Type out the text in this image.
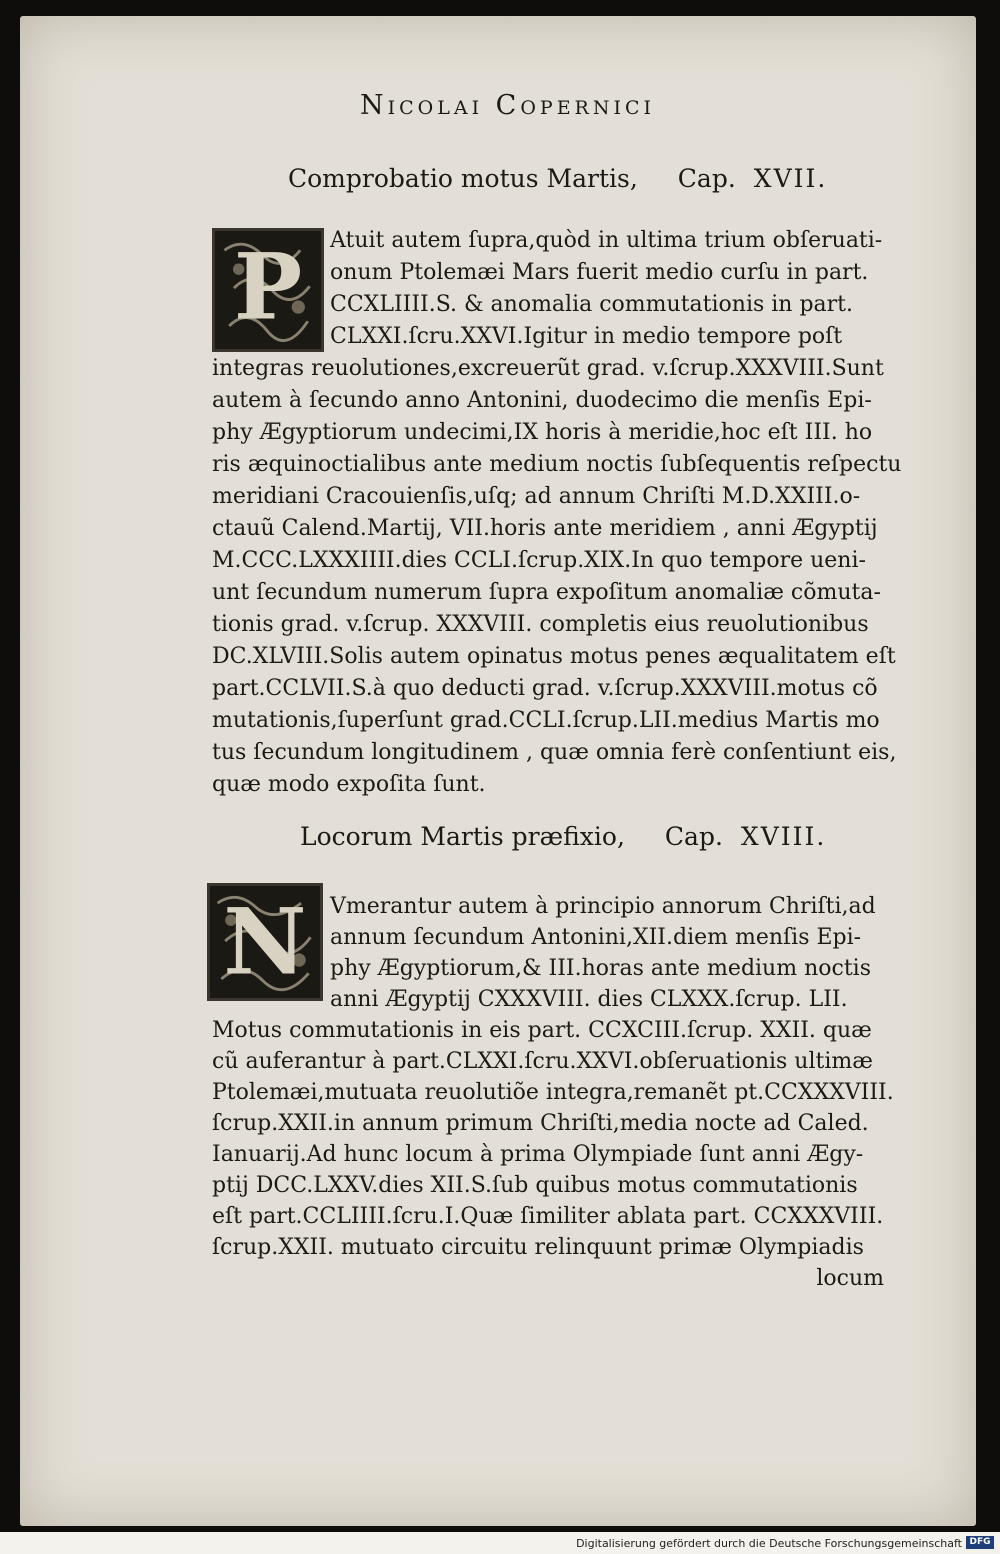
Nicolai Copernici
Comprobatio motus Martis, Cap. XVII.
P Atuit autem ſupra,quòd in ultima trium obſeruati-
onum Ptolemæi Mars fuerit medio curſu in part.
CCXLIIII.S. & anomalia commutationis in part.
CLXXI.ſcru.XXVI.Igitur in medio tempore poſt
integras reuolutiones,excreuerũt grad. v.ſcrup.XXXVIII.Sunt
autem à ſecundo anno Antonini, duodecimo die menſis Epi-
phy Ægyptiorum undecimi,IX horis à meridie,hoc eſt III. ho
ris æquinoctialibus ante medium noctis ſubſequentis reſpectu
meridiani Cracouienſis,uſq; ad annum Chriſti M.D.XXIII.o-
ctauũ Calend.Martij, VII.horis ante meridiem , anni Ægyptij
M.CCC.LXXXIIII.dies CCLI.ſcrup.XIX.In quo tempore ueni-
unt ſecundum numerum ſupra expoſitum anomaliæ cõmuta-
tionis grad. v.ſcrup. XXXVIII. completis eius reuolutionibus
DC.XLVIII.Solis autem opinatus motus penes æqualitatem eſt
part.CCLVII.S.à quo deducti grad. v.ſcrup.XXXVIII.motus cõ
mutationis,ſuperſunt grad.CCLI.ſcrup.LII.medius Martis mo
tus ſecundum longitudinem , quæ omnia ferè conſentiunt eis,
quæ modo expoſita ſunt.
Locorum Martis præfixio, Cap. XVIII.
N Vmerantur autem à principio annorum Chriſti,ad
annum ſecundum Antonini,XII.diem menſis Epi-
phy Ægyptiorum,& III.horas ante medium noctis
anni Ægyptij CXXXVIII. dies CLXXX.ſcrup. LII.
Motus commutationis in eis part. CCXCIII.ſcrup. XXII. quæ
cũ auferantur à part.CLXXI.ſcru.XXVI.obſeruationis ultimæ
Ptolemæi,mutuata reuolutiõe integra,remanẽt pt.CCXXXVIII.
ſcrup.XXII.in annum primum Chriſti,media nocte ad Caled.
Ianuarij.Ad hunc locum à prima Olympiade ſunt anni Ægy-
ptij DCC.LXXV.dies XII.S.ſub quibus motus commutationis
eſt part.CCLIIII.ſcru.I.Quæ ſimiliter ablata part. CCXXXVIII.
ſcrup.XXII. mutuato circuitu relinquunt primæ Olympiadis
locum
Digitalisierung gefördert durch die Deutsche Forschungsgemeinschaft DFG
